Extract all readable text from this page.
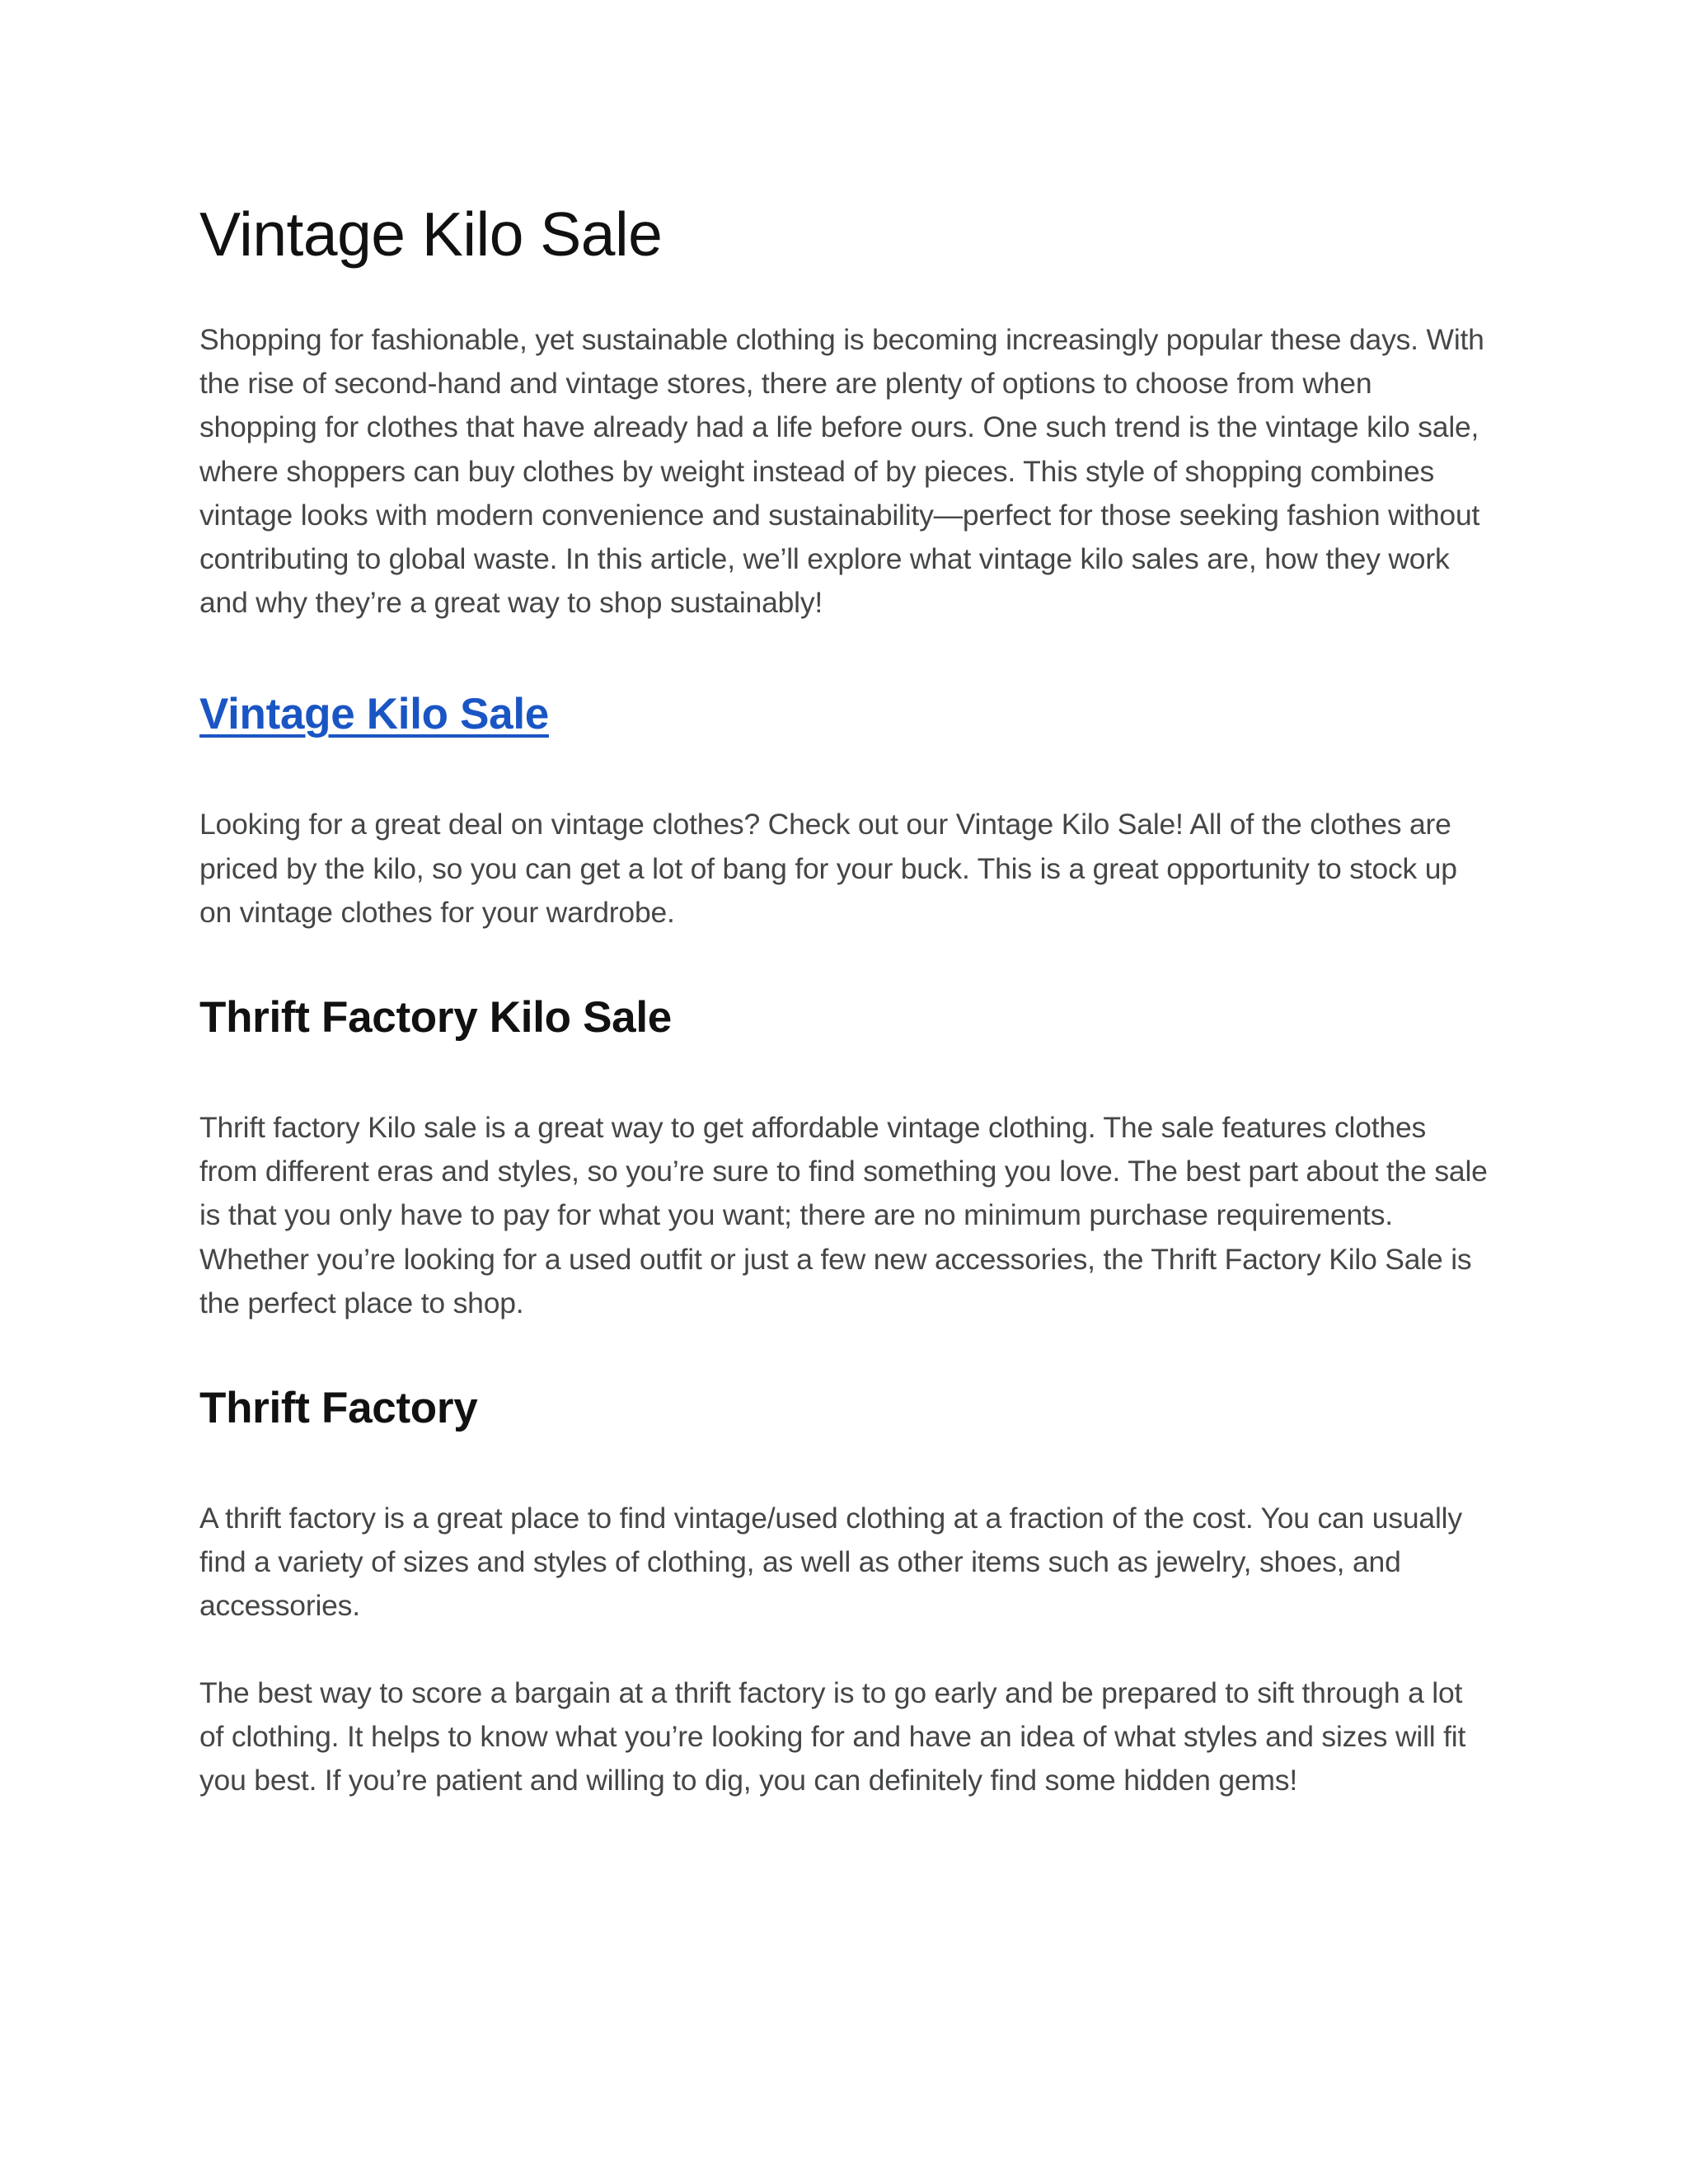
Vintage Kilo Sale

Shopping for fashionable, yet sustainable clothing is becoming increasingly popular these days. With the rise of second-hand and vintage stores, there are plenty of options to choose from when shopping for clothes that have already had a life before ours. One such trend is the vintage kilo sale, where shoppers can buy clothes by weight instead of by pieces. This style of shopping combines vintage looks with modern convenience and sustainability—perfect for those seeking fashion without contributing to global waste. In this article, we’ll explore what vintage kilo sales are, how they work and why they’re a great way to shop sustainably!

Vintage Kilo Sale

Looking for a great deal on vintage clothes? Check out our Vintage Kilo Sale! All of the clothes are priced by the kilo, so you can get a lot of bang for your buck. This is a great opportunity to stock up on vintage clothes for your wardrobe.

Thrift Factory Kilo Sale

Thrift factory Kilo sale is a great way to get affordable vintage clothing. The sale features clothes from different eras and styles, so you’re sure to find something you love. The best part about the sale is that you only have to pay for what you want; there are no minimum purchase requirements. Whether you’re looking for a used outfit or just a few new accessories, the Thrift Factory Kilo Sale is the perfect place to shop.

Thrift Factory

A thrift factory is a great place to find vintage/used clothing at a fraction of the cost. You can usually find a variety of sizes and styles of clothing, as well as other items such as jewelry, shoes, and accessories.

The best way to score a bargain at a thrift factory is to go early and be prepared to sift through a lot of clothing. It helps to know what you’re looking for and have an idea of what styles and sizes will fit you best. If you’re patient and willing to dig, you can definitely find some hidden gems!
